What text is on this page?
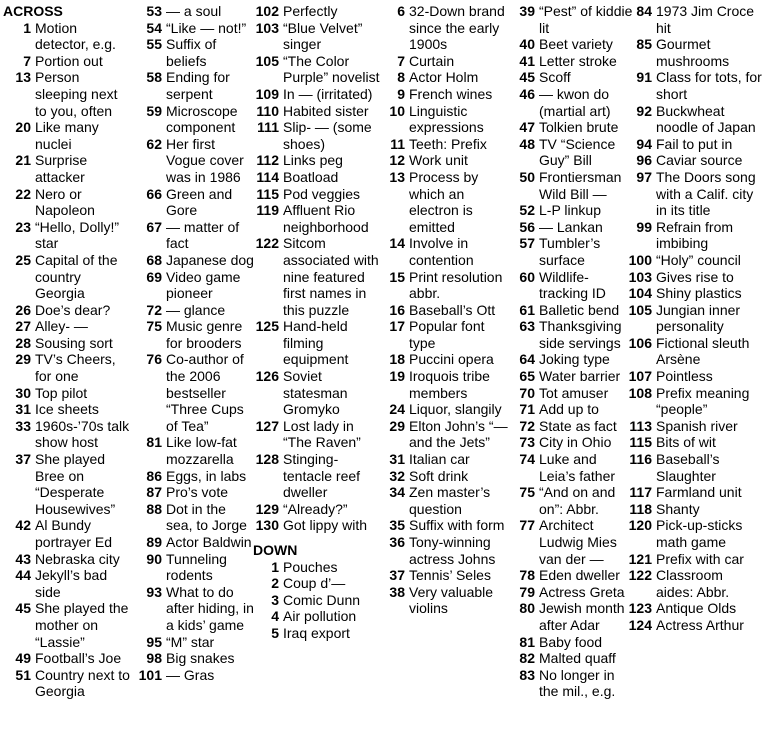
ACROSS
1 Motion detector, e.g.
7 Portion out
13 Person sleeping next to you, often
20 Like many nuclei
21 Surprise attacker
22 Nero or Napoleon
23 “Hello, Dolly!” star
25 Capital of the country Georgia
26 Doe’s dear?
27 Alley- —
28 Sousing sort
29 TV’s Cheers, for one
30 Top pilot
31 Ice sheets
33 1960s-’70s talk show host
37 She played Bree on “Desperate Housewives”
42 Al Bundy portrayer Ed
43 Nebraska city
44 Jekyll’s bad side
45 She played the mother on “Lassie”
49 Football’s Joe
51 Country next to Georgia
53 — a soul
54 “Like — not!”
55 Suffix of beliefs
58 Ending for serpent
59 Microscope component
62 Her first Vogue cover was in 1986
66 Green and Gore
67 — matter of fact
68 Japanese dog
69 Video game pioneer
72 — glance
75 Music genre for brooders
76 Co-author of the 2006 bestseller “Three Cups of Tea”
81 Like low-fat mozzarella
86 Eggs, in labs
87 Pro’s vote
88 Dot in the sea, to Jorge
89 Actor Baldwin
90 Tunneling rodents
93 What to do after hiding, in a kids’ game
95 “M” star
98 Big snakes
101 — Gras
102 Perfectly
103 “Blue Velvet” singer
105 “The Color Purple” novelist
109 In — (irritated)
110 Habited sister
111 Slip- — (some shoes)
112 Links peg
114 Boatload
115 Pod veggies
119 Affluent Rio neighborhood
122 Sitcom associated with nine featured first names in this puzzle
125 Hand-held filming equipment
126 Soviet statesman Gromyko
127 Lost lady in “The Raven”
128 Stinging-tentacle reef dweller
129 “Already?”
130 Got lippy with
DOWN
1 Pouches
2 Coup d’—
3 Comic Dunn
4 Air pollution
5 Iraq export
6 32-Down brand since the early 1900s
7 Curtain
8 Actor Holm
9 French wines
10 Linguistic expressions
11 Teeth: Prefix
12 Work unit
13 Process by which an electron is emitted
14 Involve in contention
15 Print resolution abbr.
16 Baseball’s Ott
17 Popular font type
18 Puccini opera
19 Iroquois tribe members
24 Liquor, slangily
29 Elton John’s “— and the Jets”
31 Italian car
32 Soft drink
34 Zen master’s question
35 Suffix with form
36 Tony-winning actress Johns
37 Tennis’ Seles
38 Very valuable violins
39 “Pest” of kiddie lit
40 Beet variety
41 Letter stroke
45 Scoff
46 — kwon do (martial art)
47 Tolkien brute
48 TV “Science Guy” Bill
50 Frontiersman Wild Bill —
52 L-P linkup
56 — Lankan
57 Tumbler’s surface
60 Wildlife-tracking ID
61 Balletic bend
63 Thanksgiving side servings
64 Joking type
65 Water barrier
70 Tot amuser
71 Add up to
72 State as fact
73 City in Ohio
74 Luke and Leia’s father
75 “And on and on”: Abbr.
77 Architect Ludwig Mies van der —
78 Eden dweller
79 Actress Greta
80 Jewish month after Adar
81 Baby food
82 Malted quaff
83 No longer in the mil., e.g.
84 1973 Jim Croce hit
85 Gourmet mushrooms
91 Class for tots, for short
92 Buckwheat noodle of Japan
94 Fail to put in
96 Caviar source
97 The Doors song with a Calif. city in its title
99 Refrain from imbibing
100 “Holy” council
103 Gives rise to
104 Shiny plastics
105 Jungian inner personality
106 Fictional sleuth Arsène
107 Pointless
108 Prefix meaning “people”
113 Spanish river
115 Bits of wit
116 Baseball’s Slaughter
117 Farmland unit
118 Shanty
120 Pick-up-sticks math game
121 Prefix with car
122 Classroom aides: Abbr.
123 Antique Olds
124 Actress Arthur
